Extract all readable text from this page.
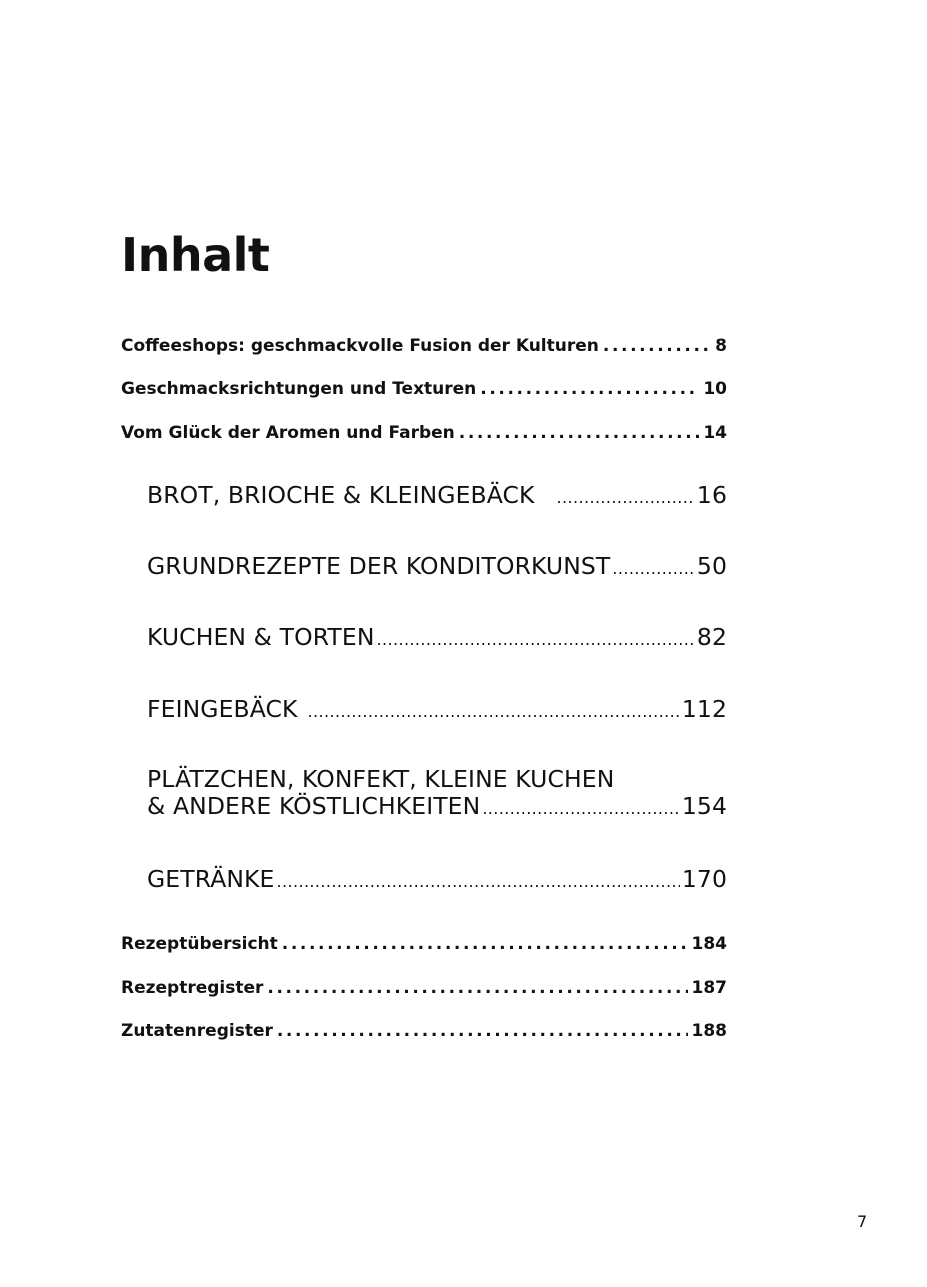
Inhalt
Coffeeshops: geschmackvolle Fusion der Kulturen .....	8
Geschmacksrichtungen und Texturen .....	10
Vom Glück der Aromen und Farben .....	14
BROT, BRIOCHE & KLEINGEBÄCK .....	16
GRUNDREZEPTE DER KONDITORKUNST .....	50
KUCHEN & TORTEN .....	82
FEINGEBÄCK .....	112
PLÄTZCHEN, KONFEKT, KLEINE KUCHEN
& ANDERE KÖSTLICHKEITEN .....	154
GETRÄNKE .....	170
Rezeptübersicht .....	184
Rezeptregister .....	187
Zutatenregister .....	188
7
